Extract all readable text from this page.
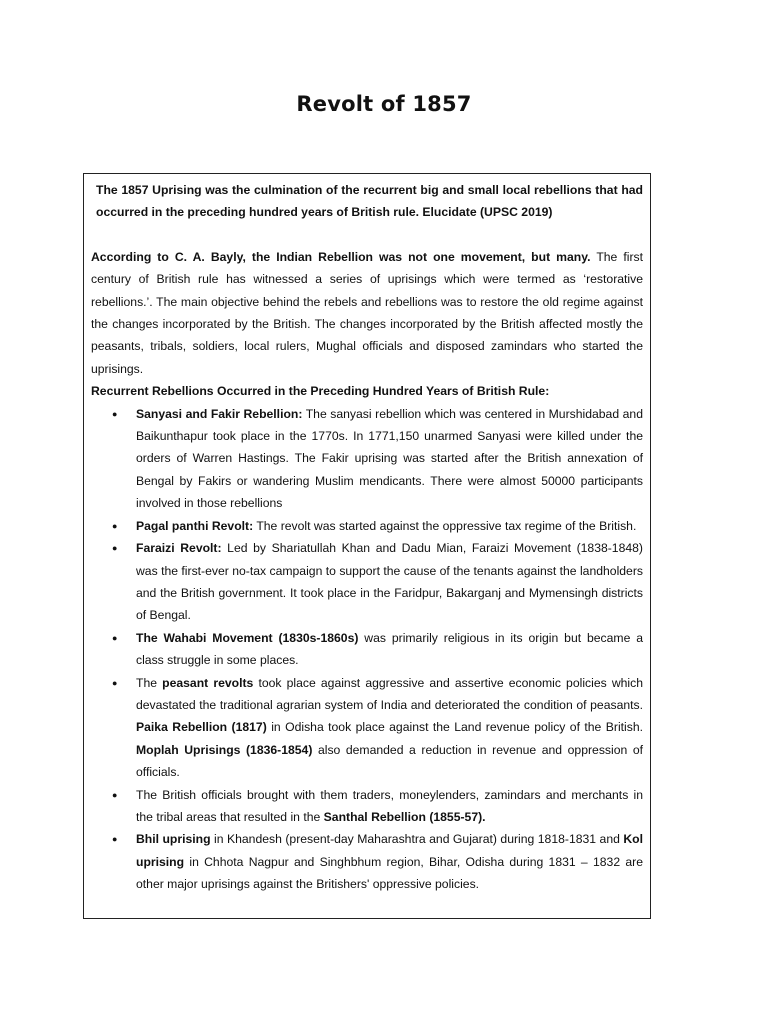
Revolt of 1857

The 1857 Uprising was the culmination of the recurrent big and small local rebellions that had occurred in the preceding hundred years of British rule. Elucidate (UPSC 2019)

According to C. A. Bayly, the Indian Rebellion was not one movement, but many. The first century of British rule has witnessed a series of uprisings which were termed as ‘restorative rebellions.’. The main objective behind the rebels and rebellions was to restore the old regime against the changes incorporated by the British. The changes incorporated by the British affected mostly the peasants, tribals, soldiers, local rulers, Mughal officials and disposed zamindars who started the uprisings.

Recurrent Rebellions Occurred in the Preceding Hundred Years of British Rule:

● Sanyasi and Fakir Rebellion: The sanyasi rebellion which was centered in Murshidabad and Baikunthapur took place in the 1770s. In 1771,150 unarmed Sanyasi were killed under the orders of Warren Hastings. The Fakir uprising was started after the British annexation of Bengal by Fakirs or wandering Muslim mendicants. There were almost 50000 participants involved in those rebellions
● Pagal panthi Revolt: The revolt was started against the oppressive tax regime of the British.
● Faraizi Revolt: Led by Shariatullah Khan and Dadu Mian, Faraizi Movement (1838-1848) was the first-ever no-tax campaign to support the cause of the tenants against the landholders and the British government. It took place in the Faridpur, Bakarganj and Mymensingh districts of Bengal.
● The Wahabi Movement (1830s-1860s) was primarily religious in its origin but became a class struggle in some places.
● The peasant revolts took place against aggressive and assertive economic policies which devastated the traditional agrarian system of India and deteriorated the condition of peasants. Paika Rebellion (1817) in Odisha took place against the Land revenue policy of the British. Moplah Uprisings (1836-1854) also demanded a reduction in revenue and oppression of officials.
● The British officials brought with them traders, moneylenders, zamindars and merchants in the tribal areas that resulted in the Santhal Rebellion (1855-57).
● Bhil uprising in Khandesh (present-day Maharashtra and Gujarat) during 1818-1831 and Kol uprising in Chhota Nagpur and Singhbhum region, Bihar, Odisha during 1831 – 1832 are other major uprisings against the Britishers' oppressive policies.
